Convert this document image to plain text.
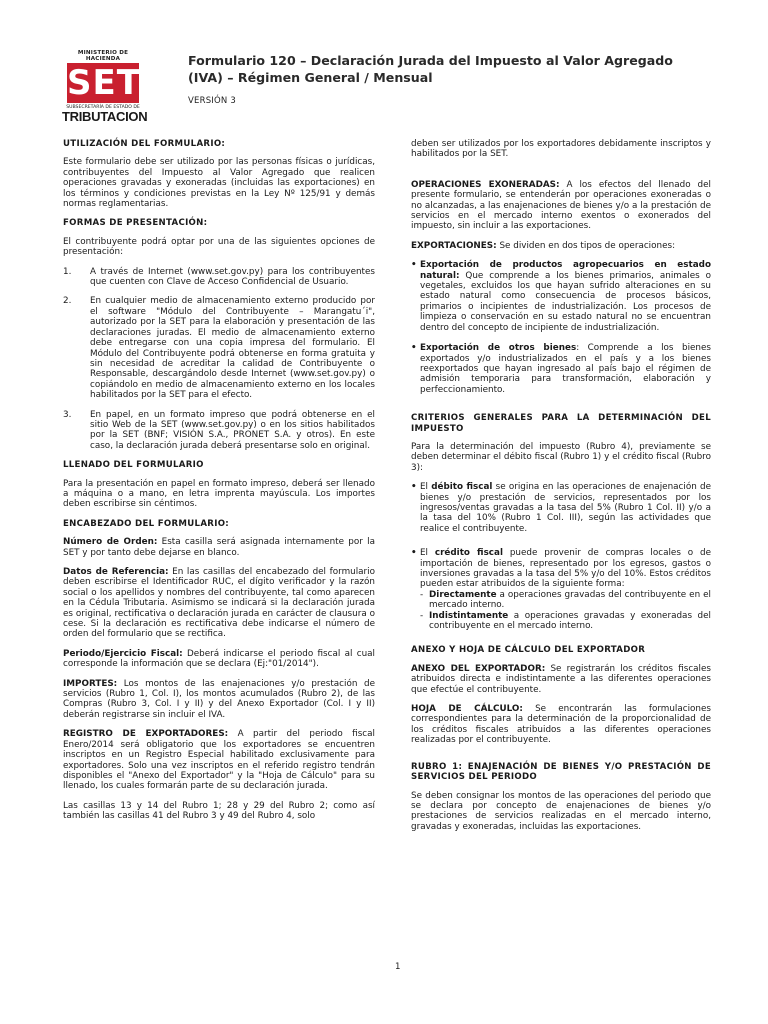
MINISTERIO DE HACIENDA
SET
SUBSECRETARÍA DE ESTADO DE
TRIBUTACION
Formulario 120 – Declaración Jurada del Impuesto al Valor Agregado (IVA) – Régimen General / Mensual
VERSIÓN 3
UTILIZACIÓN DEL FORMULARIO:

Este formulario debe ser utilizado por las personas físicas o jurídicas, contribuyentes del Impuesto al Valor Agregado que realicen operaciones gravadas y exoneradas (incluidas las exportaciones) en los términos y condiciones previstas en la Ley Nº 125/91 y demás normas reglamentarias.

FORMAS DE PRESENTACIÓN:

El contribuyente podrá optar por una de las siguientes opciones de presentación:

1.	A través de Internet (www.set.gov.py) para los contribuyentes que cuenten con Clave de Acceso Confidencial de Usuario.
2.	En cualquier medio de almacenamiento externo producido por el software "Módulo del Contribuyente – Marangatu´i", autorizado por la SET para la elaboración y presentación de las declaraciones juradas. El medio de almacenamiento externo debe entregarse con una copia impresa del formulario. El Módulo del Contribuyente podrá obtenerse en forma gratuita y sin necesidad de acreditar la calidad de Contribuyente o Responsable, descargándolo desde Internet (www.set.gov.py) o copiándolo en medio de almacenamiento externo en los locales habilitados por la SET para el efecto.
3.	En papel, en un formato impreso que podrá obtenerse en el sitio Web de la SET (www.set.gov.py) o en los sitios habilitados por la SET (BNF; VISIÓN S.A., PRONET S.A. y otros). En este caso, la declaración jurada deberá presentarse solo en original.
LLENADO DEL FORMULARIO

Para la presentación en papel en formato impreso, deberá ser llenado a máquina o a mano, en letra imprenta mayúscula. Los importes deben escribirse sin céntimos.

ENCABEZADO DEL FORMULARIO:

Número de Orden: Esta casilla será asignada internamente por la SET y por tanto debe dejarse en blanco.

Datos de Referencia: En las casillas del encabezado del formulario deben escribirse el Identificador RUC, el dígito verificador y la razón social o los apellidos y nombres del contribuyente, tal como aparecen en la Cédula Tributaria. Asimismo se indicará si la declaración jurada es original, rectificativa o declaración jurada en carácter de clausura o cese. Si la declaración es rectificativa debe indicarse el número de orden del formulario que se rectifica.

Periodo/Ejercicio Fiscal: Deberá indicarse el periodo fiscal al cual corresponde la información que se declara (Ej:"01/2014").

IMPORTES: Los montos de las enajenaciones y/o prestación de servicios (Rubro 1, Col. I), los montos acumulados (Rubro 2), de las Compras (Rubro 3, Col. I y II) y del Anexo Exportador (Col. I y II) deberán registrarse sin incluir el IVA.

REGISTRO DE EXPORTADORES: A partir del periodo fiscal Enero/2014 será obligatorio que los exportadores se encuentren inscriptos en un Registro Especial habilitado exclusivamente para exportadores. Solo una vez inscriptos en el referido registro tendrán disponibles el "Anexo del Exportador" y la "Hoja de Cálculo" para su llenado, los cuales formarán parte de su declaración jurada.

Las casillas 13 y 14 del Rubro 1; 28 y 29 del Rubro 2; como así también las casillas 41 del Rubro 3 y 49 del Rubro 4, solo

deben ser utilizados por los exportadores debidamente inscriptos y habilitados por la SET.

OPERACIONES EXONERADAS: A los efectos del llenado del presente formulario, se entenderán por operaciones exoneradas o no alcanzadas, a las enajenaciones de bienes y/o a la prestación de servicios en el mercado interno exentos o exonerados del impuesto, sin incluir a las exportaciones.

EXPORTACIONES: Se dividen en dos tipos de operaciones:

• Exportación de productos agropecuarios en estado natural: Que comprende a los bienes primarios, animales o vegetales, excluidos los que hayan sufrido alteraciones en su estado natural como consecuencia de procesos básicos, primarios o incipientes de industrialización. Los procesos de limpieza o conservación en su estado natural no se encuentran dentro del concepto de incipiente de industrialización.
• Exportación de otros bienes: Comprende a los bienes exportados y/o industrializados en el país y a los bienes reexportados que hayan ingresado al país bajo el régimen de admisión temporaria para transformación, elaboración y perfeccionamiento.
CRITERIOS GENERALES PARA LA DETERMINACIÓN DEL IMPUESTO

Para la determinación del impuesto (Rubro 4), previamente se deben determinar el débito fiscal (Rubro 1) y el crédito fiscal (Rubro 3):

• El débito fiscal se origina en las operaciones de enajenación de bienes y/o prestación de servicios, representados por los ingresos/ventas gravadas a la tasa del 5% (Rubro 1 Col. II) y/o a la tasa del 10% (Rubro 1 Col. III), según las actividades que realice el contribuyente.
• El crédito fiscal puede provenir de compras locales o de importación de bienes, representado por los egresos, gastos o inversiones gravadas a la tasa del 5% y/o del 10%. Estos créditos pueden estar atribuidos de la siguiente forma:
- Directamente a operaciones gravadas del contribuyente en el mercado interno.
- Indistintamente a operaciones gravadas y exoneradas del contribuyente en el mercado interno.
ANEXO Y HOJA DE CÁLCULO DEL EXPORTADOR

ANEXO DEL EXPORTADOR: Se registrarán los créditos fiscales atribuidos directa e indistintamente a las diferentes operaciones que efectúe el contribuyente.

HOJA DE CÁLCULO: Se encontrarán las formulaciones correspondientes para la determinación de la proporcionalidad de los créditos fiscales atribuidos a las diferentes operaciones realizadas por el contribuyente.

RUBRO 1: ENAJENACIÓN DE BIENES Y/O PRESTACIÓN DE SERVICIOS DEL PERIODO

Se deben consignar los montos de las operaciones del periodo que se declara por concepto de enajenaciones de bienes y/o prestaciones de servicios realizadas en el mercado interno, gravadas y exoneradas, incluidas las exportaciones.

1
